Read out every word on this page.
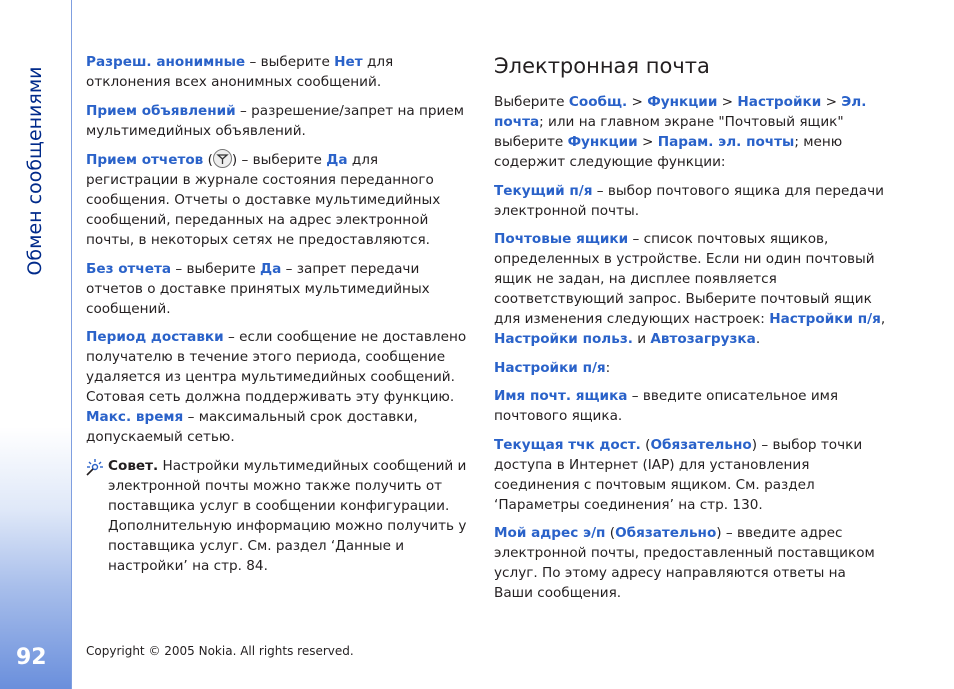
Обмен сообщениями
92

Разреш. анонимные – выберите Нет для отклонения всех анонимных сообщений.

Прием объявлений – разрешение/запрет на прием мультимедийных объявлений.

Прием отчетов ( ) – выберите Да для регистрации в журнале состояния переданного сообщения. Отчеты о доставке мультимедийных сообщений, переданных на адрес электронной почты, в некоторых сетях не предоставляются.

Без отчета – выберите Да – запрет передачи отчетов о доставке принятых мультимедийных сообщений.

Период доставки – если сообщение не доставлено получателю в течение этого периода, сообщение удаляется из центра мультимедийных сообщений. Сотовая сеть должна поддерживать эту функцию. Макс. время – максимальный срок доставки, допускаемый сетью.

Совет. Настройки мультимедийных сообщений и электронной почты можно также получить от поставщика услуг в сообщении конфигурации. Дополнительную информацию можно получить у поставщика услуг. См. раздел ‘Данные и настройки’ на стр. 84.

Электронная почта

Выберите Сообщ. > Функции > Настройки > Эл. почта; или на главном экране "Почтовый ящик" выберите Функции > Парам. эл. почты; меню содержит следующие функции:

Текущий п/я – выбор почтового ящика для передачи электронной почты.

Почтовые ящики – список почтовых ящиков, определенных в устройстве. Если ни один почтовый ящик не задан, на дисплее появляется соответствующий запрос. Выберите почтовый ящик для изменения следующих настроек: Настройки п/я, Настройки польз. и Автозагрузка.

Настройки п/я:

Имя почт. ящика – введите описательное имя почтового ящика.

Текущая тчк дост. (Обязательно) – выбор точки доступа в Интернет (IAP) для установления соединения с почтовым ящиком. См. раздел ‘Параметры соединения’ на стр. 130.

Мой адрес э/п (Обязательно) – введите адрес электронной почты, предоставленный поставщиком услуг. По этому адресу направляются ответы на Ваши сообщения.

Copyright © 2005 Nokia. All rights reserved.
